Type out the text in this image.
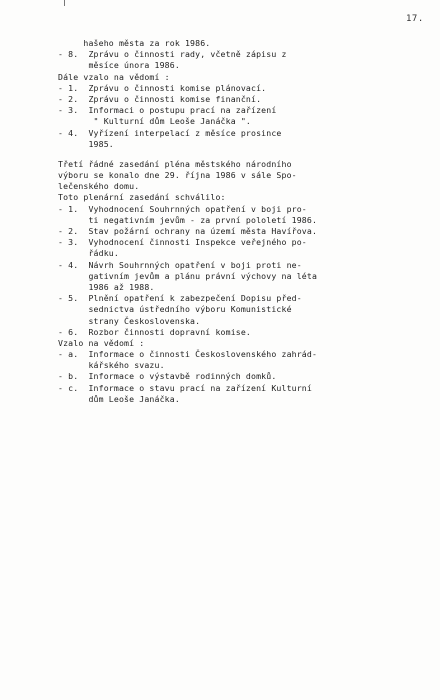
17.
hašeho města za rok 1986.
- 8.  Zprávu o činnosti rady, včetně zápisu z
měsíce února 1986.
Dále vzalo na vědomí :
- 1.  Zprávu o činnosti komise plánovací.
- 2.  Zprávu o činnosti komise finanční.
- 3.  Informaci o postupu prací na zařízení
" Kulturní dům Leoše Janáčka ".
- 4.  Vyřízení interpelací z měsíce prosince
1985.
Třetí řádné zasedání pléna městského národního
výboru se konalo dne 29. října 1986 v sále Spo-
lečenského domu.
Toto plenární zasedání schválilo:
- 1.  Vyhodnocení Souhrnných opatření v boji pro-
ti negativním jevům - za první pololetí 1986.
- 2.  Stav požární ochrany na území města Havířova.
- 3.  Vyhodnocení činnosti Inspekce veřejného po-
řádku.
- 4.  Návrh Souhrnných opatření v boji proti ne-
gativním jevům a plánu právní výchovy na léta
1986 až 1988.
- 5.  Plnění opatření k zabezpečení Dopisu před-
sednictva ústředního výboru Komunistické
strany Československa.
- 6.  Rozbor činnosti dopravní komise.
Vzalo na vědomí :
- a.  Informace o činnosti Československého zahrád-
kářského svazu.
- b.  Informace o výstavbě rodinných domků.
- c.  Informace o stavu prací na zařízení Kulturní
dům Leoše Janáčka.
